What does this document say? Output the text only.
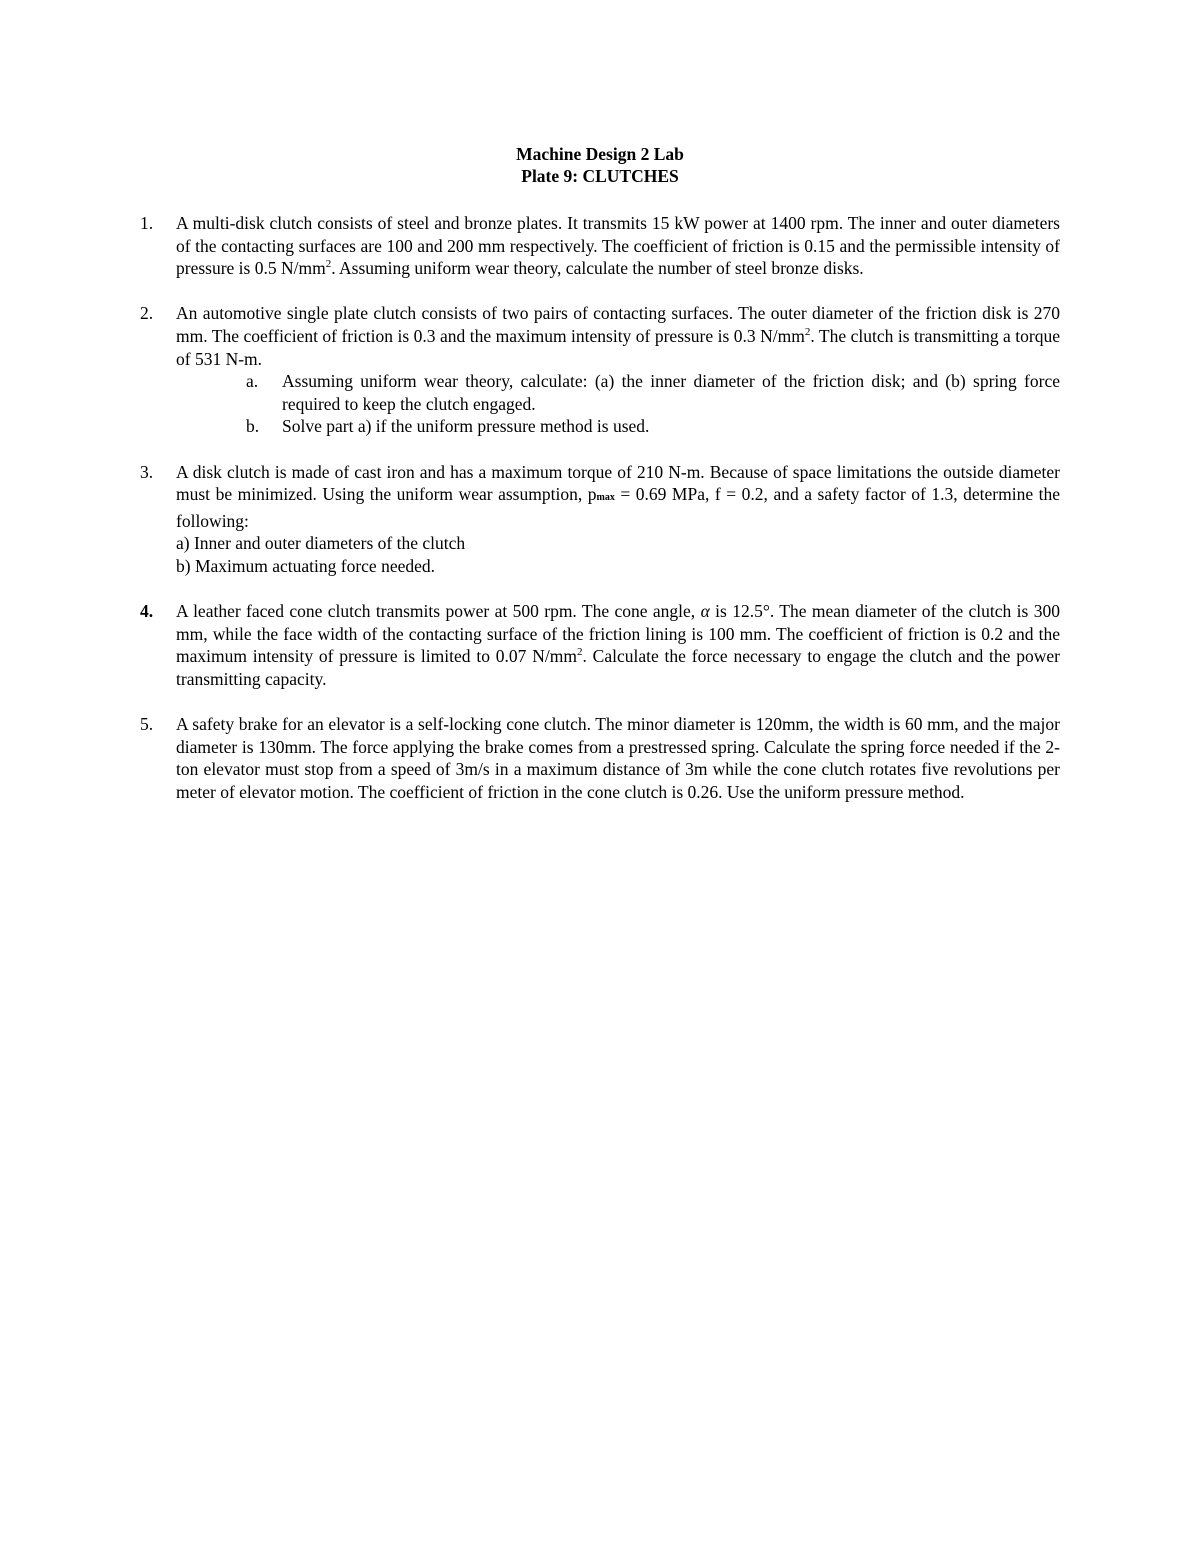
Machine Design 2 Lab
Plate 9: CLUTCHES
1.	A multi-disk clutch consists of steel and bronze plates. It transmits 15 kW power at 1400 rpm. The inner and outer diameters of the contacting surfaces are 100 and 200 mm respectively. The coefficient of friction is 0.15 and the permissible intensity of pressure is 0.5 $N/mm^2$. Assuming uniform wear theory, calculate the number of steel bronze disks.
2.	An automotive single plate clutch consists of two pairs of contacting surfaces. The outer diameter of the friction disk is 270 mm. The coefficient of friction is 0.3 and the maximum intensity of pressure is 0.3 $N/mm^2$. The clutch is transmitting a torque of 531 N-m.
a.	Assuming uniform wear theory, calculate: (a) the inner diameter of the friction disk; and (b) spring force required to keep the clutch engaged.
b.	Solve part a) if the uniform pressure method is used.
3.	A disk clutch is made of cast iron and has a maximum torque of 210 N-m. Because of space limitations the outside diameter must be minimized. Using the uniform wear assumption, pmax = 0.69 MPa, f = 0.2, and a safety factor of 1.3, determine the following:
a) Inner and outer diameters of the clutch
b) Maximum actuating force needed.
4.	A leather faced cone clutch transmits power at 500 rpm. The cone angle, α is 12.5°. The mean diameter of the clutch is 300 mm, while the face width of the contacting surface of the friction lining is 100 mm. The coefficient of friction is 0.2 and the maximum intensity of pressure is limited to 0.07 $N/mm^2$. Calculate the force necessary to engage the clutch and the power transmitting capacity.
5.	A safety brake for an elevator is a self-locking cone clutch. The minor diameter is 120mm, the width is 60 mm, and the major diameter is 130mm. The force applying the brake comes from a prestressed spring. Calculate the spring force needed if the 2-ton elevator must stop from a speed of 3m/s in a maximum distance of 3m while the cone clutch rotates five revolutions per meter of elevator motion. The coefficient of friction in the cone clutch is 0.26. Use the uniform pressure method.
